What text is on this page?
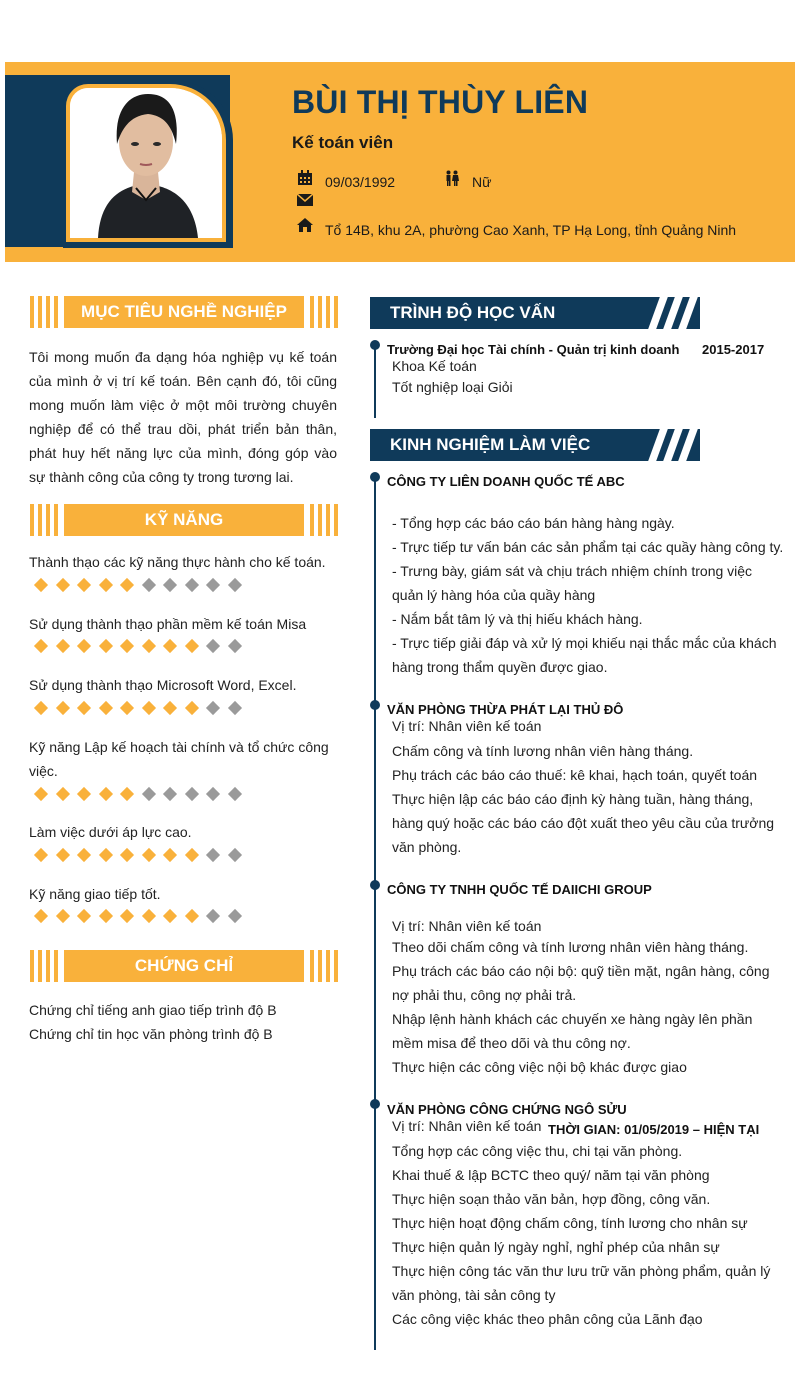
BÙI THỊ THÙY LIÊN
Kế toán viên
09/03/1992	Nữ
Tổ 14B, khu 2A, phường Cao Xanh, TP Hạ Long, tỉnh Quảng Ninh
MỤC TIÊU NGHỀ NGHIỆP
Tôi mong muốn đa dạng hóa nghiệp vụ kế toán của mình ở vị trí kế toán. Bên cạnh đó, tôi cũng mong muốn làm việc ở một môi trường chuyên nghiệp để có thể trau dồi, phát triển bản thân, phát huy hết năng lực của mình, đóng góp vào sự thành công của công ty trong tương lai.
KỸ NĂNG
Thành thạo các kỹ năng thực hành cho kế toán.
Sử dụng thành thạo phần mềm kế toán Misa
Sử dụng thành thạo Microsoft Word, Excel.
Kỹ năng Lập kế hoạch tài chính và tổ chức công việc.
Làm việc dưới áp lực cao.
Kỹ năng giao tiếp tốt.
CHỨNG CHỈ
Chứng chỉ tiếng anh giao tiếp trình độ B
Chứng chỉ tin học văn phòng trình độ B
TRÌNH ĐỘ HỌC VẤN
Trường Đại học Tài chính - Quản trị kinh doanh 2015-2017
Khoa Kế toán
Tốt nghiệp loại Giỏi
KINH NGHIỆM LÀM VIỆC
CÔNG TY LIÊN DOANH QUỐC TẾ ABC
- Tổng hợp các báo cáo bán hàng hàng ngày.
- Trực tiếp tư vấn bán các sản phẩm tại các quầy hàng công ty.
- Trưng bày, giám sát và chịu trách nhiệm chính trong việc quản lý hàng hóa của quầy hàng
- Nắm bắt tâm lý và thị hiếu khách hàng.
- Trực tiếp giải đáp và xử lý mọi khiếu nại thắc mắc của khách hàng trong thẩm quyền được giao.
VĂN PHÒNG THỪA PHÁT LẠI THỦ ĐÔ
Vị trí: Nhân viên kế toán
Chấm công và tính lương nhân viên hàng tháng.
Phụ trách các báo cáo thuế: kê khai, hạch toán, quyết toán
Thực hiện lập các báo cáo định kỳ hàng tuần, hàng tháng, hàng quý hoặc các báo cáo đột xuất theo yêu cầu của trưởng văn phòng.
CÔNG TY TNHH QUỐC TẾ DAIICHI GROUP
Vị trí: Nhân viên kế toán
Theo dõi chấm công và tính lương nhân viên hàng tháng.
Phụ trách các báo cáo nội bộ: quỹ tiền mặt, ngân hàng, công nợ phải thu, công nợ phải trả.
Nhập lệnh hành khách các chuyến xe hàng ngày lên phần mềm misa để theo dõi và thu công nợ.
Thực hiện các công việc nội bộ khác được giao
VĂN PHÒNG CÔNG CHỨNG NGÔ SỬU
Vị trí: Nhân viên kế toán THỜI GIAN: 01/05/2019 – HIỆN TẠI
Tổng hợp các công việc thu, chi tại văn phòng.
Khai thuế & lập BCTC theo quý/ năm tại văn phòng
Thực hiện soạn thảo văn bản, hợp đồng, công văn.
Thực hiện hoạt động chấm công, tính lương cho nhân sự
Thực hiện quản lý ngày nghỉ, nghỉ phép của nhân sự
Thực hiện công tác văn thư lưu trữ văn phòng phẩm, quản lý văn phòng, tài sản công ty
Các công việc khác theo phân công của Lãnh đạo
